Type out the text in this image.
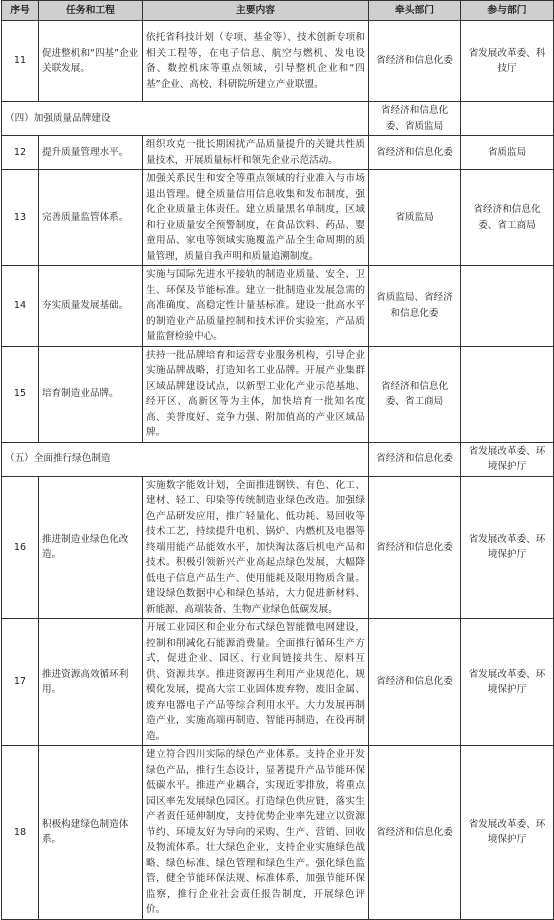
序号	任务和工程	主要内容	牵头部门	参与部门
11	促进整机和“四基”企业关联发展。	依托省科技计划（专项、基金等）、技术创新专项和相关工程等，在电子信息、航空与燃机、发电设备、数控机床等重点领域，引导整机企业和“四基”企业、高校、科研院所建立产业联盟。	省经济和信息化委	省发展改革委、科技厅
（四）加强质量品牌建设			省经济和信息化委、省质监局	
12	提升质量管理水平。	组织攻克一批长期困扰产品质量提升的关键共性质量技术，开展质量标杆和领先企业示范活动。	省经济和信息化委	省质监局
13	完善质量监管体系。	加强关系民生和安全等重点领域的行业准入与市场退出管理。健全质量信用信息收集和发布制度，强化企业质量主体责任。建立质量黑名单制度，区域和行业质量安全预警制度，在食品饮料、药品、婴童用品、家电等领域实施覆盖产品全生命周期的质量管理，质量自我声明和质量追溯制度。	省质监局	省经济和信息化委、省工商局
14	夯实质量发展基础。	实施与国际先进水平接轨的制造业质量、安全、卫生、环保及节能标准。建立一批制造业发展急需的高准确度、高稳定性计量基标准。建设一批高水平的制造业产品质量控制和技术评价实验室，产品质量监督检验中心。	省质监局、省经济和信息化委	
15	培育制造业品牌。	扶持一批品牌培育和运营专业服务机构，引导企业实施品牌战略，打造知名工业品牌。开展产业集群区域品牌建设试点，以新型工业化产业示范基地、经开区、高新区等为主体，加快培育一批知名度高、美誉度好、竞争力强、附加值高的产业区域品牌。	省经济和信息化委、省工商局	
（五）全面推行绿色制造			省经济和信息化委	省发展改革委、环境保护厅
16	推进制造业绿色化改造。	实施数字能效计划，全面推进钢铁、有色、化工、建材、轻工、印染等传统制造业绿色改造。加强绿色产品研发应用，推广轻量化、低功耗、易回收等技术工艺，持续提升电机、锅炉、内燃机及电器等终端用能产品能效水平，加快淘汰落后机电产品和技术。积极引领新兴产业高起点绿色发展，大幅降低电子信息产品生产、使用能耗及限用物质含量。建设绿色数据中心和绿色基站，大力促进新材料、新能源、高端装备、生物产业绿色低碳发展。	省经济和信息化委	省发展改革委、环境保护厅
17	推进资源高效循环利用。	开展工业园区和企业分布式绿色智能微电网建设，控制和削减化石能源消费量。全面推行循环生产方式，促进企业、园区、行业间链接共生、原料互供、资源共享。推进资源再生利用产业规范化、规模化发展，提高大宗工业固体废弃物、废旧金属、废弃电器电子产品等综合利用水平。大力发展再制造产业，实施高端再制造、智能再制造，在役再制造。	省经济和信息化委	省发展改革委、环境保护厅
18	积极构建绿色制造体系。	建立符合四川实际的绿色产业体系。支持企业开发绿色产品，推行生态设计，显著提升产品节能环保低碳水平。推进产业耦合，实现近零排放，将重点园区率先发展绿色园区。打造绿色供应链，落实生产者责任延伸制度，支持优势企业率先建立以资源节约、环境友好为导向的采购、生产、营销、回收及物流体系。壮大绿色企业，支持企业实施绿色战略、绿色标准、绿色管理和绿色生产。强化绿色监管，健全节能环保法规、标准体系，加强节能环保监察，推行企业社会责任报告制度，开展绿色评价。	省经济和信息化委	省发展改革委、环境保护厅
